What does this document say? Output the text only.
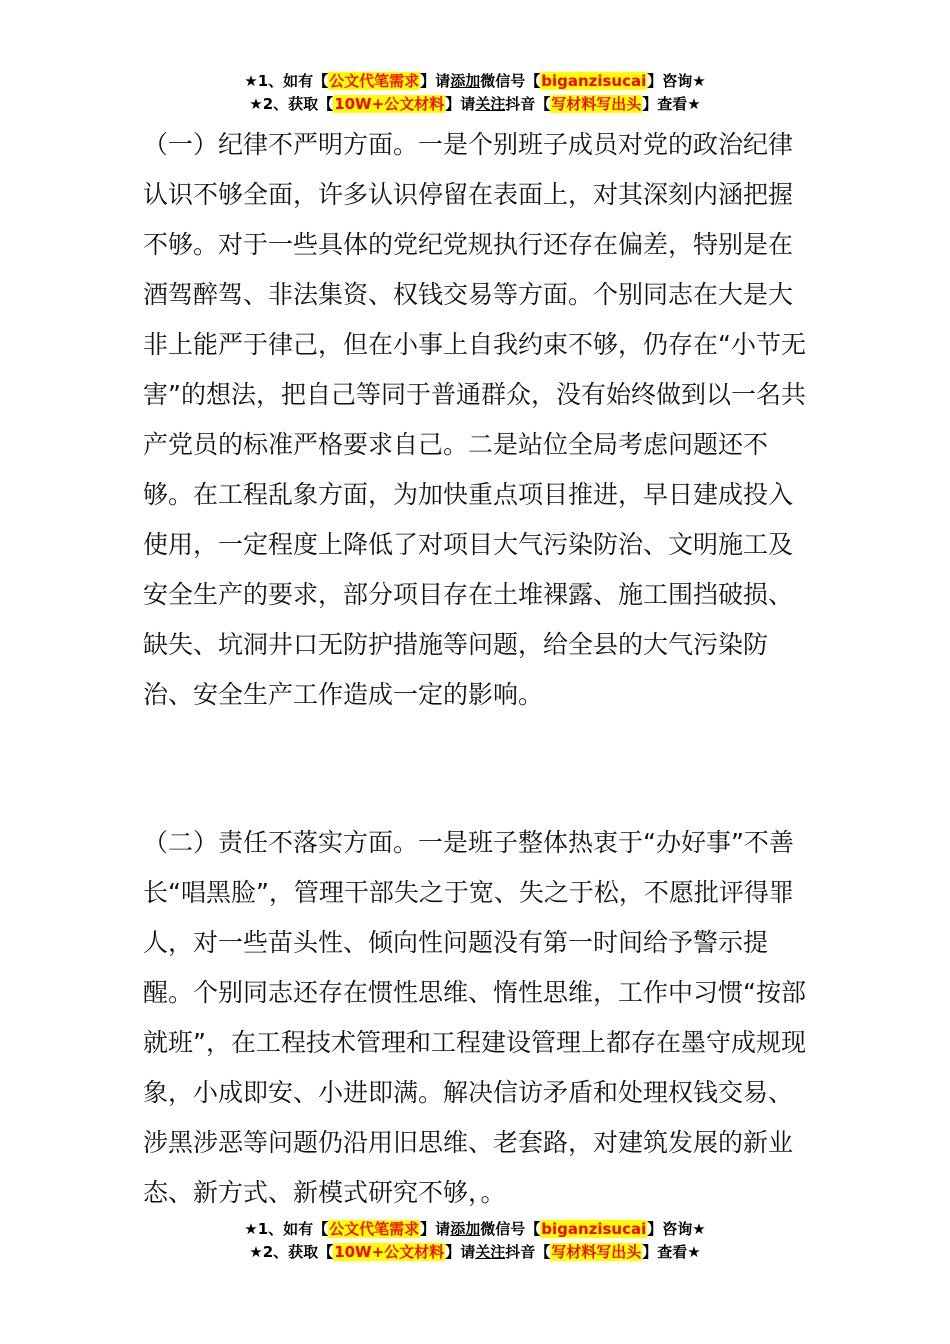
★1、如有【公文代笔需求】请添加微信号【biganzisucai】咨询★
★2、获取【10W+公文材料】请关注抖音【写材料写出头】查看★

（一）纪律不严明方面。一是个别班子成员对党的政治纪律认识不够全面，许多认识停留在表面上，对其深刻内涵把握不够。对于一些具体的党纪党规执行还存在偏差，特别是在酒驾醉驾、非法集资、权钱交易等方面。个别同志在大是大非上能严于律己，但在小事上自我约束不够，仍存在“小节无害”的想法，把自己等同于普通群众，没有始终做到以一名共产党员的标准严格要求自己。二是站位全局考虑问题还不够。在工程乱象方面，为加快重点项目推进，早日建成投入使用，一定程度上降低了对项目大气污染防治、文明施工及安全生产的要求，部分项目存在土堆裸露、施工围挡破损、缺失、坑洞井口无防护措施等问题，给全县的大气污染防治、安全生产工作造成一定的影响。

（二）责任不落实方面。一是班子整体热衷于“办好事”不善长“唱黑脸”，管理干部失之于宽、失之于松，不愿批评得罪人，对一些苗头性、倾向性问题没有第一时间给予警示提醒。个别同志还存在惯性思维、惰性思维，工作中习惯“按部就班”，在工程技术管理和工程建设管理上都存在墨守成规现象，小成即安、小进即满。解决信访矛盾和处理权钱交易、涉黑涉恶等问题仍沿用旧思维、老套路，对建筑发展的新业态、新方式、新模式研究不够，。

★1、如有【公文代笔需求】请添加微信号【biganzisucai】咨询★
★2、获取【10W+公文材料】请关注抖音【写材料写出头】查看★
